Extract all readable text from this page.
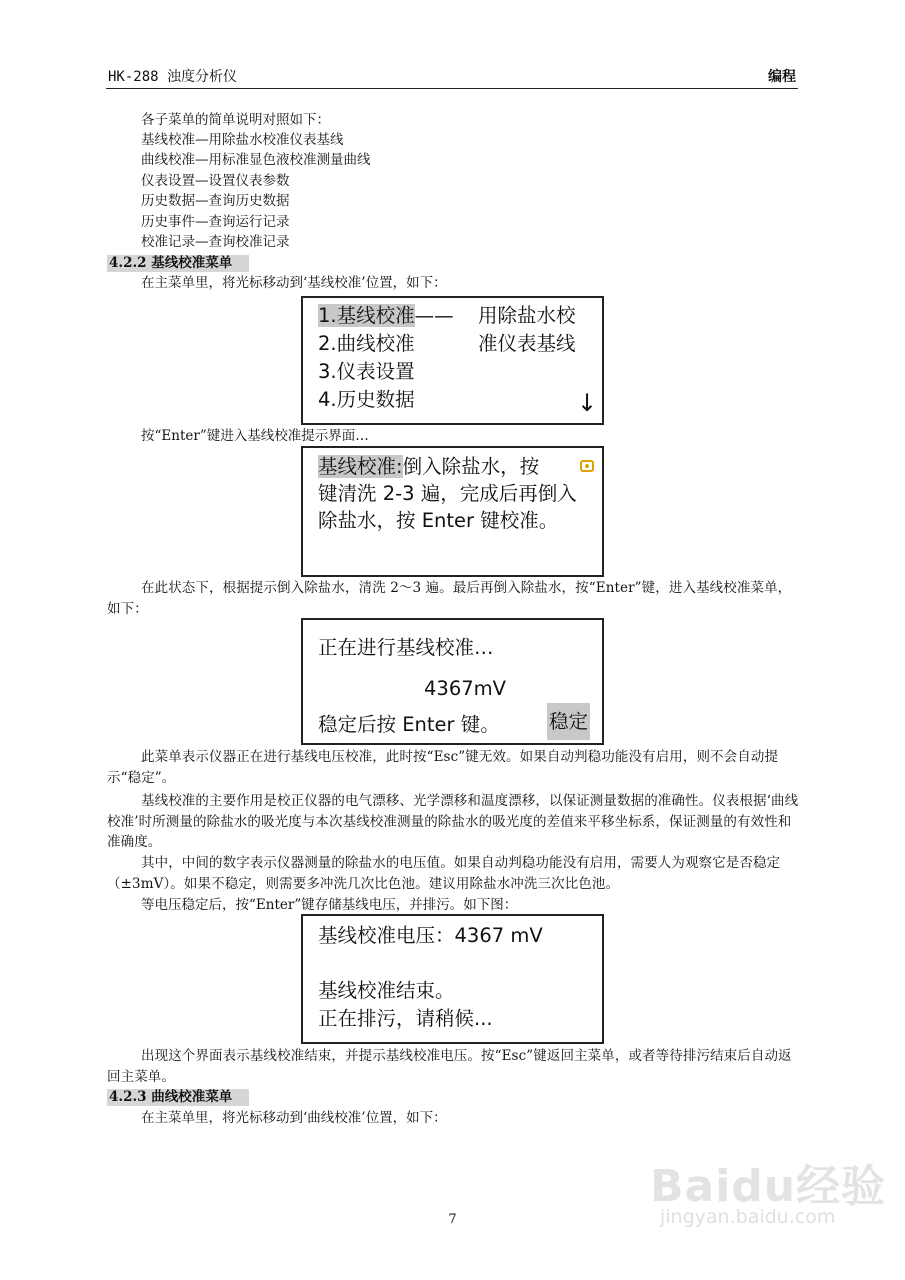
HK-288 浊度分析仪	编程
各子菜单的简单说明对照如下：
基线校准—用除盐水校准仪表基线
曲线校准—用标准显色液校准测量曲线
仪表设置—设置仪表参数
历史数据—查询历史数据
历史事件—查询运行记录
校准记录—查询校准记录
4.2.2 基线校准菜单
在主菜单里，将光标移动到‘基线校准’位置，如下：
1.基线校准——
2.曲线校准
3.仪表设置
4.历史数据
用除盐水校
准仪表基线
↓
按“Enter”键进入基线校准提示界面…
基线校准:倒入除盐水，按
键清洗 2-3 遍，完成后再倒入
除盐水，按 Enter 键校准。
在此状态下，根据提示倒入除盐水，清洗 2～3 遍。最后再倒入除盐水，按“Enter”键，进入基线校准菜单，如下：
正在进行基线校准…
4367mV
稳定后按 Enter 键。	稳定
此菜单表示仪器正在进行基线电压校准，此时按“Esc”键无效。如果自动判稳功能没有启用，则不会自动提示“稳定”。
基线校准的主要作用是校正仪器的电气漂移、光学漂移和温度漂移，以保证测量数据的准确性。仪表根据‘曲线校准’时所测量的除盐水的吸光度与本次基线校准测量的除盐水的吸光度的差值来平移坐标系，保证测量的有效性和准确度。
其中，中间的数字表示仪器测量的除盐水的电压值。如果自动判稳功能没有启用，需要人为观察它是否稳定（±3mV）。如果不稳定，则需要多冲洗几次比色池。建议用除盐水冲洗三次比色池。
等电压稳定后，按“Enter”键存储基线电压，并排污。如下图：
基线校准电压：4367 mV
基线校准结束。
正在排污，请稍候...
出现这个界面表示基线校准结束，并提示基线校准电压。按“Esc”键返回主菜单，或者等待排污结束后自动返回主菜单。
4.2.3 曲线校准菜单
在主菜单里，将光标移动到‘曲线校准’位置，如下：
7
Baidu经验
jingyan.baidu.com
